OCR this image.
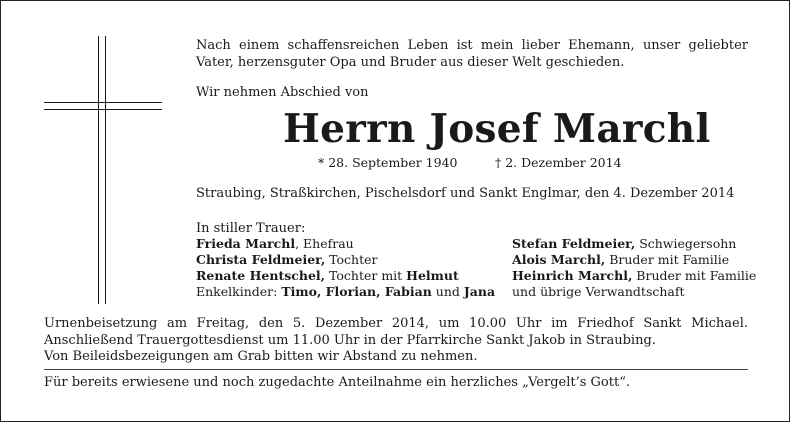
Nach einem schaffensreichen Leben ist mein lieber Ehemann, unser geliebter Vater, herzensguter Opa und Bruder aus dieser Welt geschieden.
Wir nehmen Abschied von
Herrn Josef Marchl
* 28. September 1940	† 2. Dezember 2014
Straubing, Straßkirchen, Pischelsdorf und Sankt Englmar, den 4. Dezember 2014
In stiller Trauer:
Frieda Marchl, Ehefrau
Christa Feldmeier, Tochter
Renate Hentschel, Tochter mit Helmut
Enkelkinder: Timo, Florian, Fabian und Jana
Stefan Feldmeier, Schwiegersohn
Alois Marchl, Bruder mit Familie
Heinrich Marchl, Bruder mit Familie
und übrige Verwandtschaft
Urnenbeisetzung am Freitag, den 5. Dezember 2014, um 10.00 Uhr im Friedhof Sankt Michael. Anschließend Trauergottesdienst um 11.00 Uhr in der Pfarrkirche Sankt Jakob in Straubing.
Von Beileidsbezeigungen am Grab bitten wir Abstand zu nehmen.
Für bereits erwiesene und noch zugedachte Anteilnahme ein herzliches „Vergelt’s Gott“.
